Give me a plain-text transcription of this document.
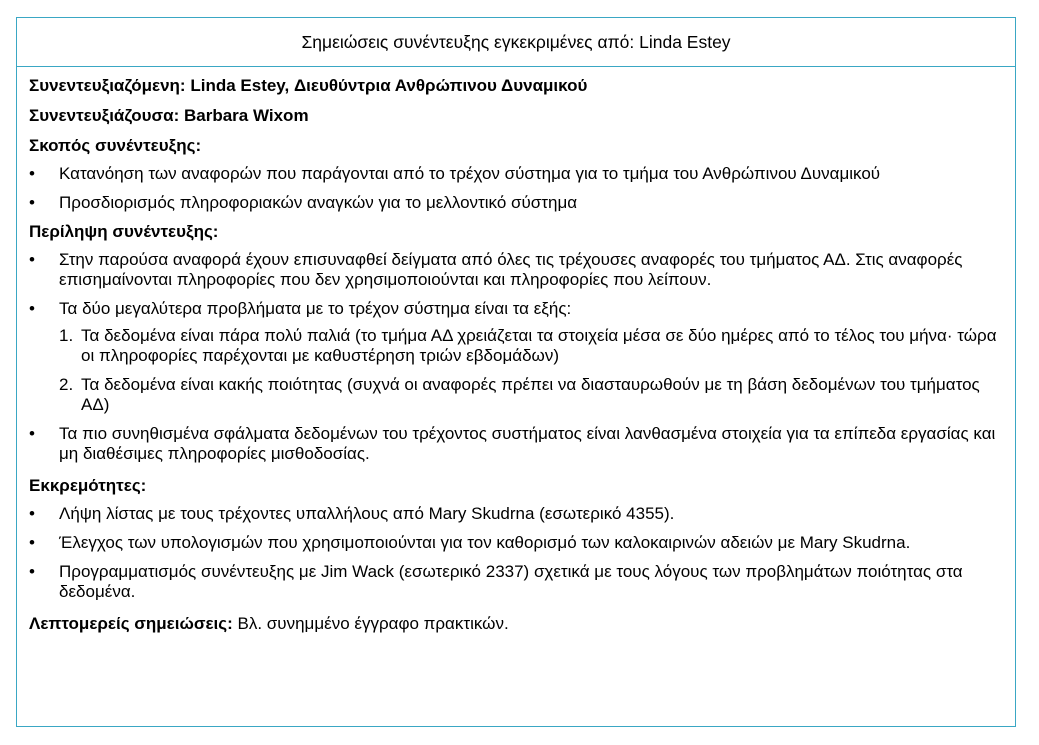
Σημειώσεις συνέντευξης εγκεκριμένες από: Linda Estey
Συνεντευξιαζόμενη: Linda Estey, Διευθύντρια Ανθρώπινου Δυναμικού
Συνεντευξιάζουσα: Barbara Wixom
Σκοπός συνέντευξης:
•	Κατανόηση των αναφορών που παράγονται από το τρέχον σύστημα για το τμήμα του Ανθρώπινου Δυναμικού
•	Προσδιορισμός πληροφοριακών αναγκών για το μελλοντικό σύστημα
Περίληψη συνέντευξης:
•	Στην παρούσα αναφορά έχουν επισυναφθεί δείγματα από όλες τις τρέχουσες αναφορές του τμήματος ΑΔ. Στις αναφορές επισημαίνονται πληροφορίες που δεν χρησιμοποιούνται και πληροφορίες που λείπουν.
•	Τα δύο μεγαλύτερα προβλήματα με το τρέχον σύστημα είναι τα εξής:
1. Τα δεδομένα είναι πάρα πολύ παλιά (το τμήμα ΑΔ χρειάζεται τα στοιχεία μέσα σε δύο ημέρες από το τέλος του μήνα· τώρα οι πληροφορίες παρέχονται με καθυστέρηση τριών εβδομάδων)
2. Τα δεδομένα είναι κακής ποιότητας (συχνά οι αναφορές πρέπει να διασταυρωθούν με τη βάση δεδομένων του τμήματος ΑΔ)
•	Τα πιο συνηθισμένα σφάλματα δεδομένων του τρέχοντος συστήματος είναι λανθασμένα στοιχεία για τα επίπεδα εργασίας και μη διαθέσιμες πληροφορίες μισθοδοσίας.
Εκκρεμότητες:
•	Λήψη λίστας με τους τρέχοντες υπαλλήλους από Mary Skudrna (εσωτερικό 4355).
•	Έλεγχος των υπολογισμών που χρησιμοποιούνται για τον καθορισμό των καλοκαιρινών αδειών με Mary Skudrna.
•	Προγραμματισμός συνέντευξης με Jim Wack (εσωτερικό 2337) σχετικά με τους λόγους των προβλημάτων ποιότητας στα δεδομένα.
Λεπτομερείς σημειώσεις: Βλ. συνημμένο έγγραφο πρακτικών.
